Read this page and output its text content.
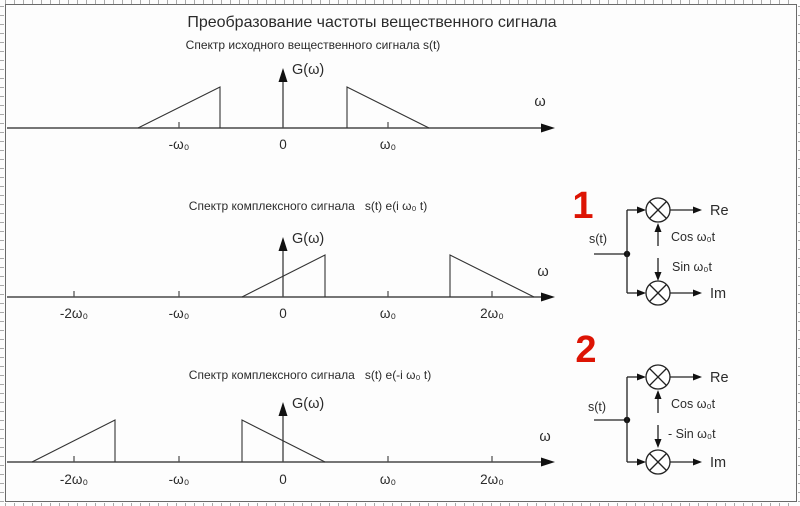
Преобразование частоты вещественного сигнала
Спектр исходного вещественного сигнала s(t)
ω
G(ω)
-ω₀	0	ω₀
Спектр комплексного сигнала   s(t) e(i ω₀ t)
ω
G(ω)
-2ω₀	-ω₀	0	ω₀	2ω₀
Спектр комплексного сигнала   s(t) e(-i ω₀ t)
ω
G(ω)
-2ω₀	-ω₀	0	ω₀	2ω₀
1
s(t)
Re
Cos ω₀t
Sin ω₀t
Im
2
s(t)
Re
Cos ω₀t
- Sin ω₀t
Im
